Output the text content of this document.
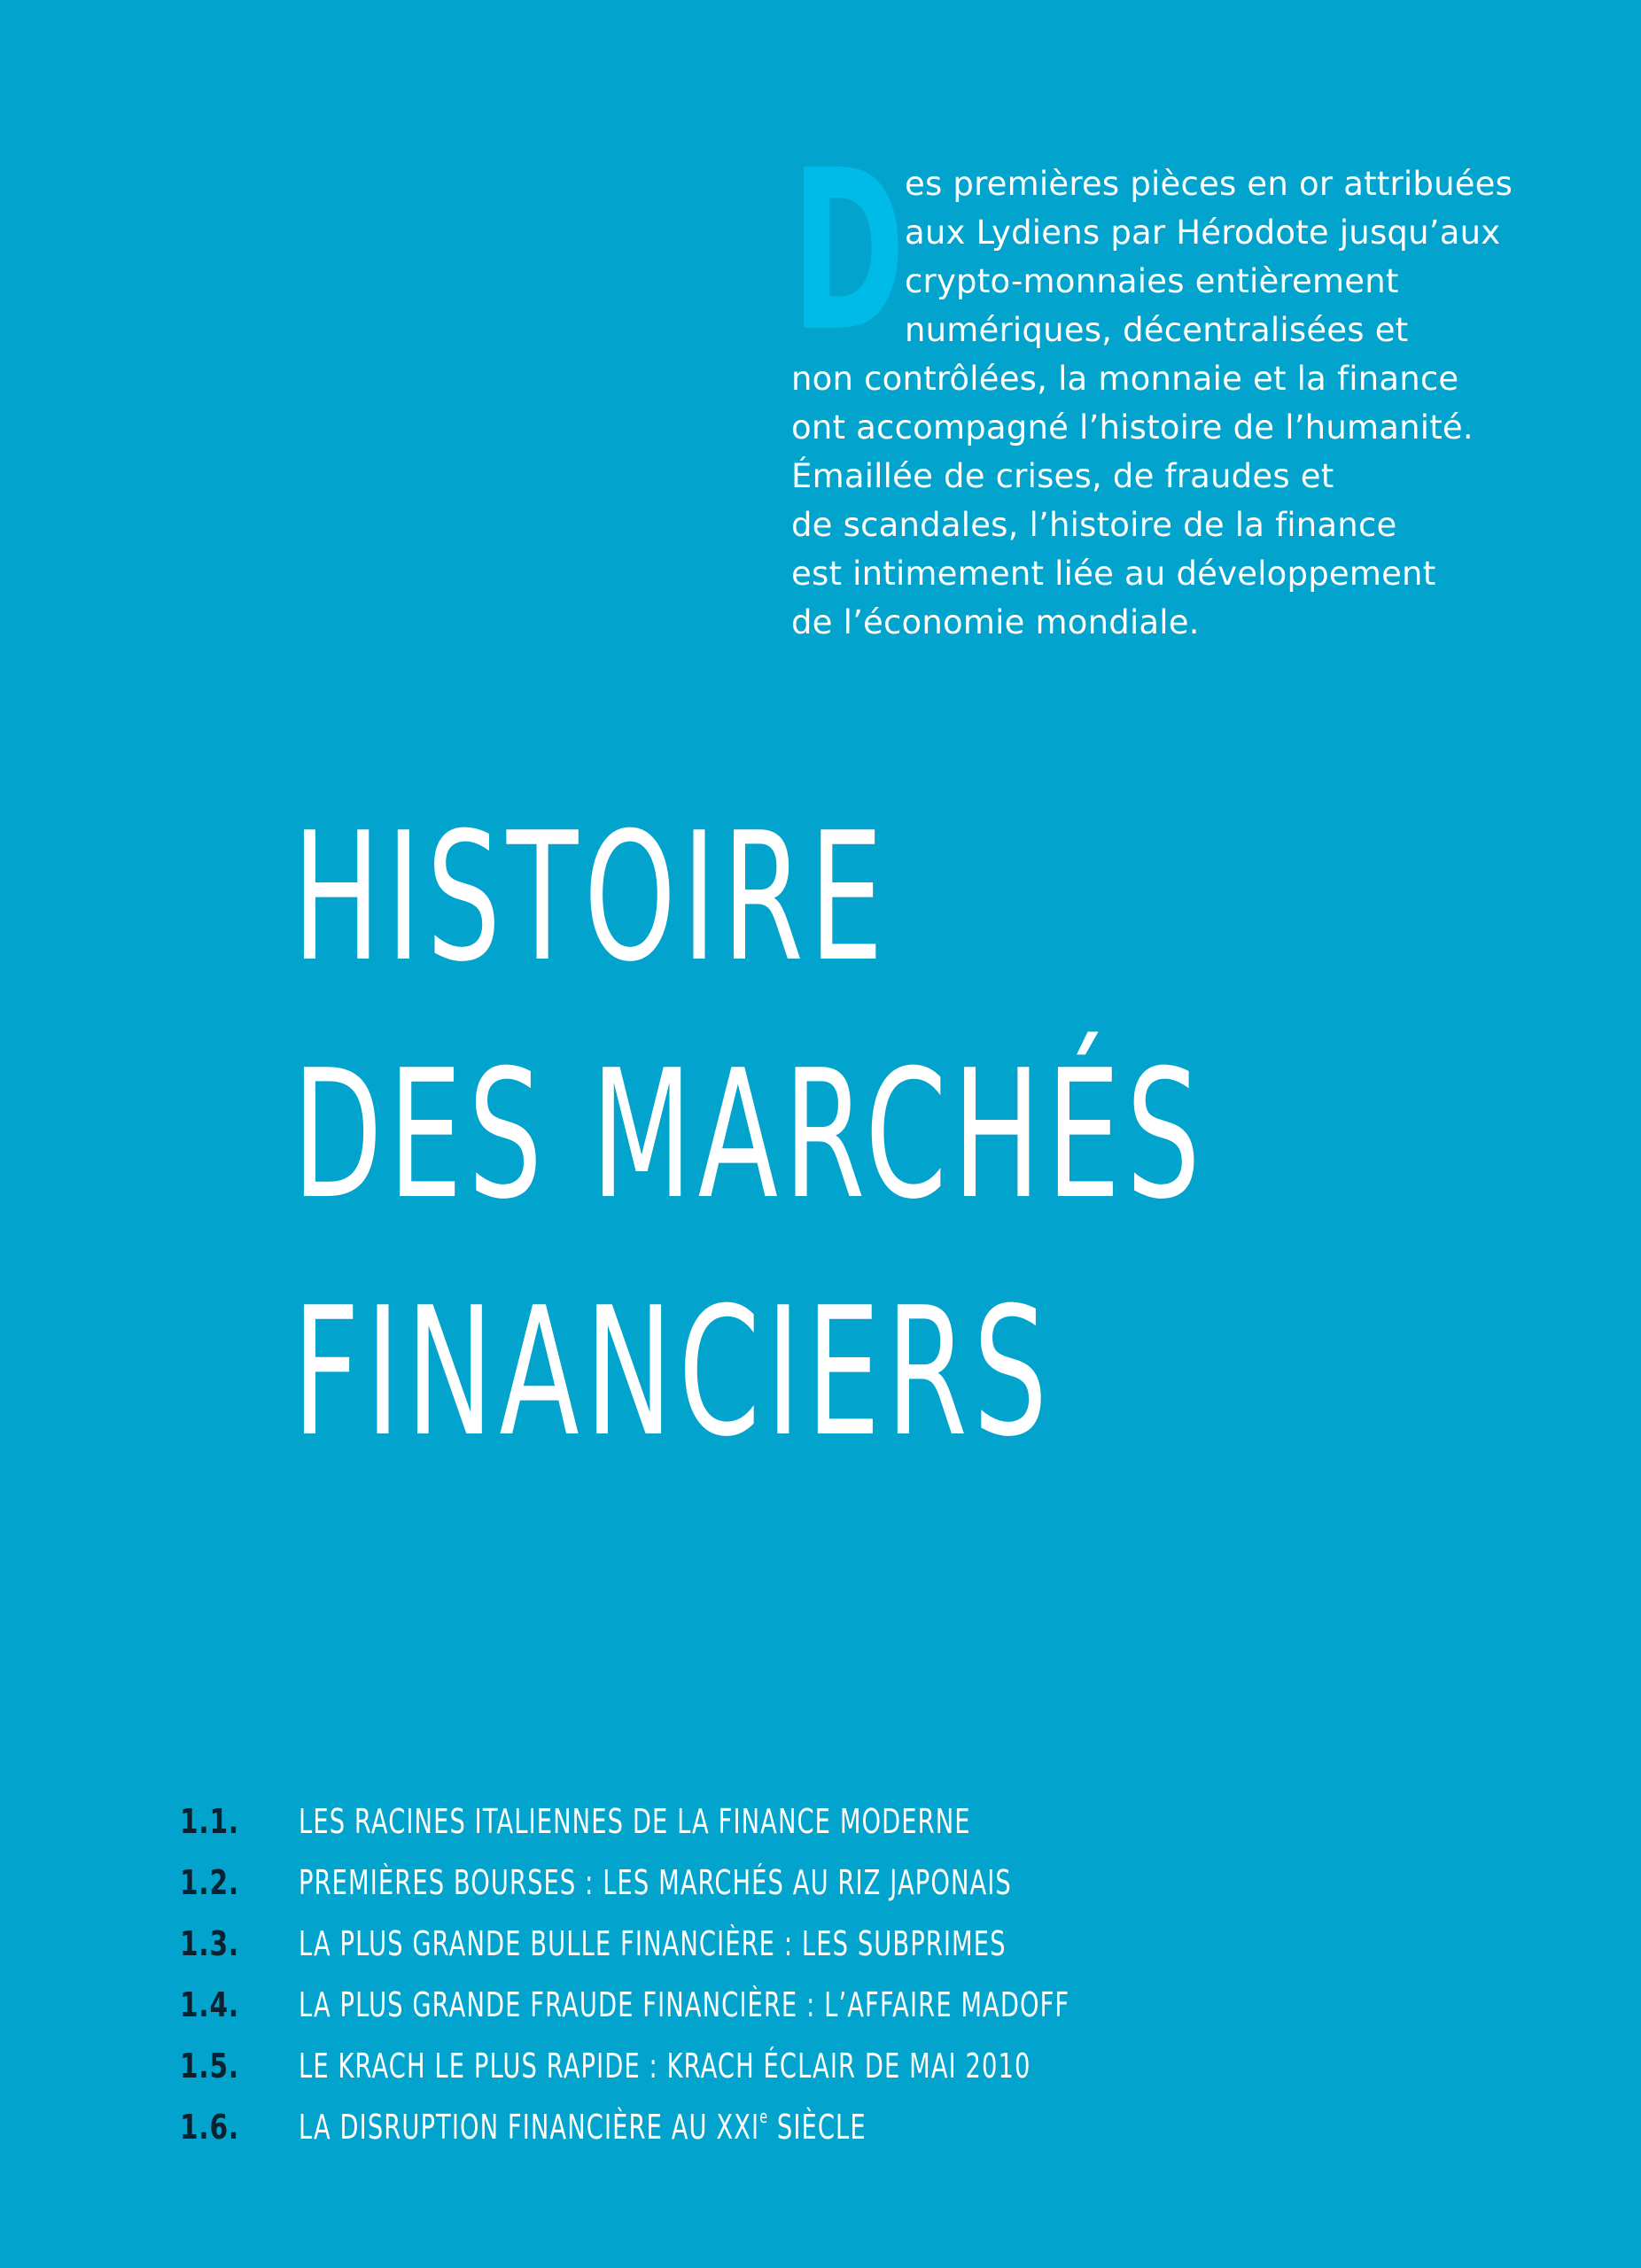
D es premières pièces en or attribuées
aux Lydiens par Hérodote jusqu’aux
crypto-monnaies entièrement
numériques, décentralisées et
non contrôlées, la monnaie et la finance
ont accompagné l’histoire de l’humanité.
Émaillée de crises, de fraudes et
de scandales, l’histoire de la finance
est intimement liée au développement
de l’économie mondiale.
HISTOIRE
DES MARCHÉS
FINANCIERS
1.1. LES RACINES ITALIENNES DE LA FINANCE MODERNE
1.2. PREMIÈRES BOURSES : LES MARCHÉS AU RIZ JAPONAIS
1.3. LA PLUS GRANDE BULLE FINANCIÈRE : LES SUBPRIMES
1.4. LA PLUS GRANDE FRAUDE FINANCIÈRE : L’AFFAIRE MADOFF
1.5. LE KRACH LE PLUS RAPIDE : KRACH ÉCLAIR DE MAI 2010
1.6. LA DISRUPTION FINANCIÈRE AU XXIe SIÈCLE
